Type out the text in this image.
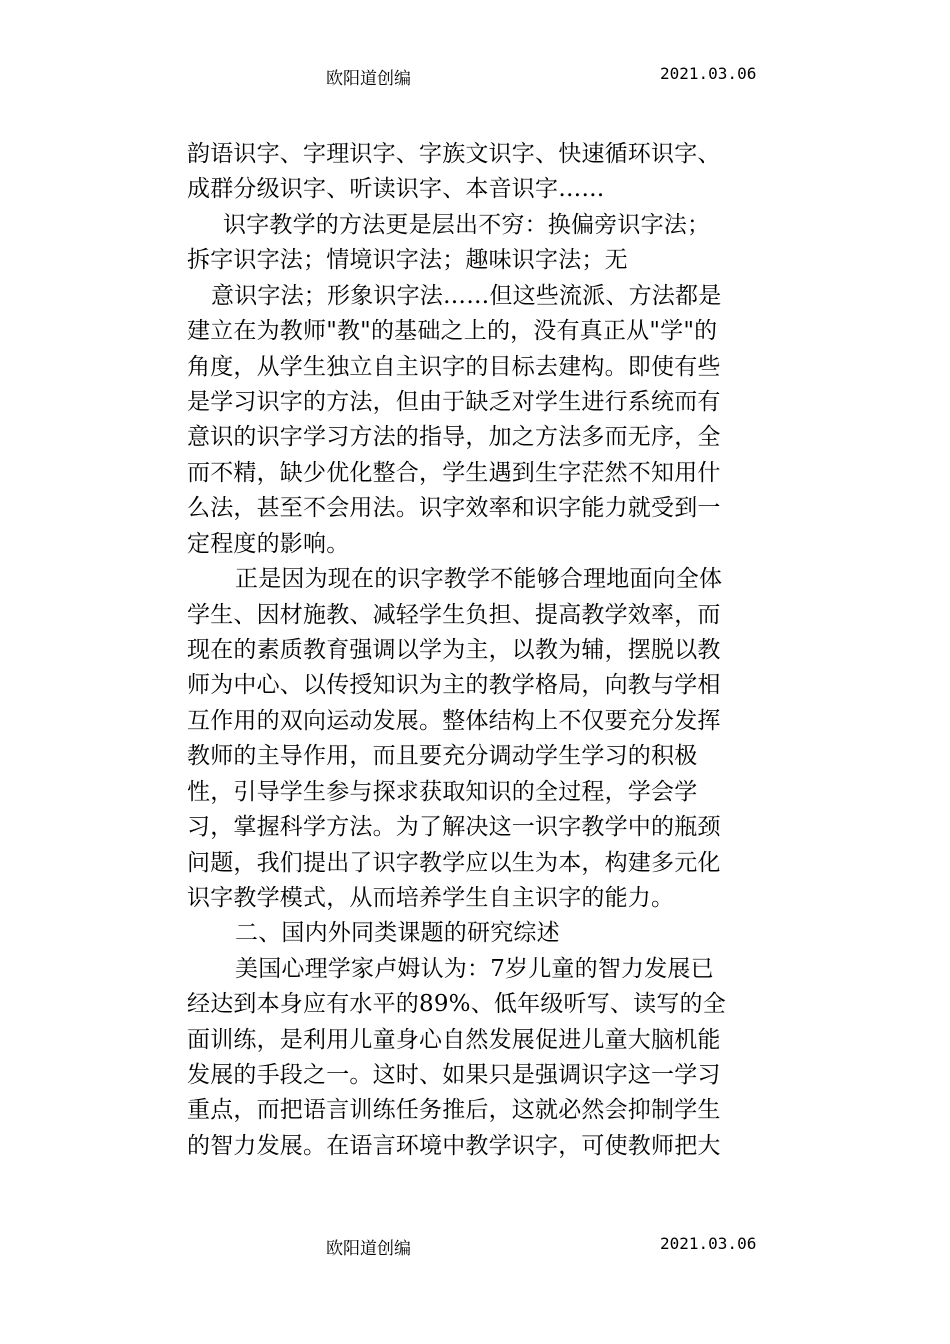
欧阳道创编	2021.03.06
韵语识字、字理识字、字族文识字、快速循环识字、
成群分级识字、听读识字、本音识字……
识字教学的方法更是层出不穷：换偏旁识字法；
拆字识字法；情境识字法；趣味识字法；无
意识字法；形象识字法……但这些流派、方法都是
建立在为教师"教"的基础之上的，没有真正从"学"的
角度，从学生独立自主识字的目标去建构。即使有些
是学习识字的方法，但由于缺乏对学生进行系统而有
意识的识字学习方法的指导，加之方法多而无序，全
而不精，缺少优化整合，学生遇到生字茫然不知用什
么法，甚至不会用法。识字效率和识字能力就受到一
定程度的影响。
正是因为现在的识字教学不能够合理地面向全体
学生、因材施教、减轻学生负担、提高教学效率，而
现在的素质教育强调以学为主，以教为辅，摆脱以教
师为中心、以传授知识为主的教学格局，向教与学相
互作用的双向运动发展。整体结构上不仅要充分发挥
教师的主导作用，而且要充分调动学生学习的积极
性，引导学生参与探求获取知识的全过程，学会学
习，掌握科学方法。为了解决这一识字教学中的瓶颈
问题，我们提出了识字教学应以生为本，构建多元化
识字教学模式，从而培养学生自主识字的能力。
二、国内外同类课题的研究综述
美国心理学家卢姆认为：7岁儿童的智力发展已
经达到本身应有水平的89%、低年级听写、读写的全
面训练，是利用儿童身心自然发展促进儿童大脑机能
发展的手段之一。这时、如果只是强调识字这一学习
重点，而把语言训练任务推后，这就必然会抑制学生
的智力发展。在语言环境中教学识字，可使教师把大
欧阳道创编	2021.03.06
